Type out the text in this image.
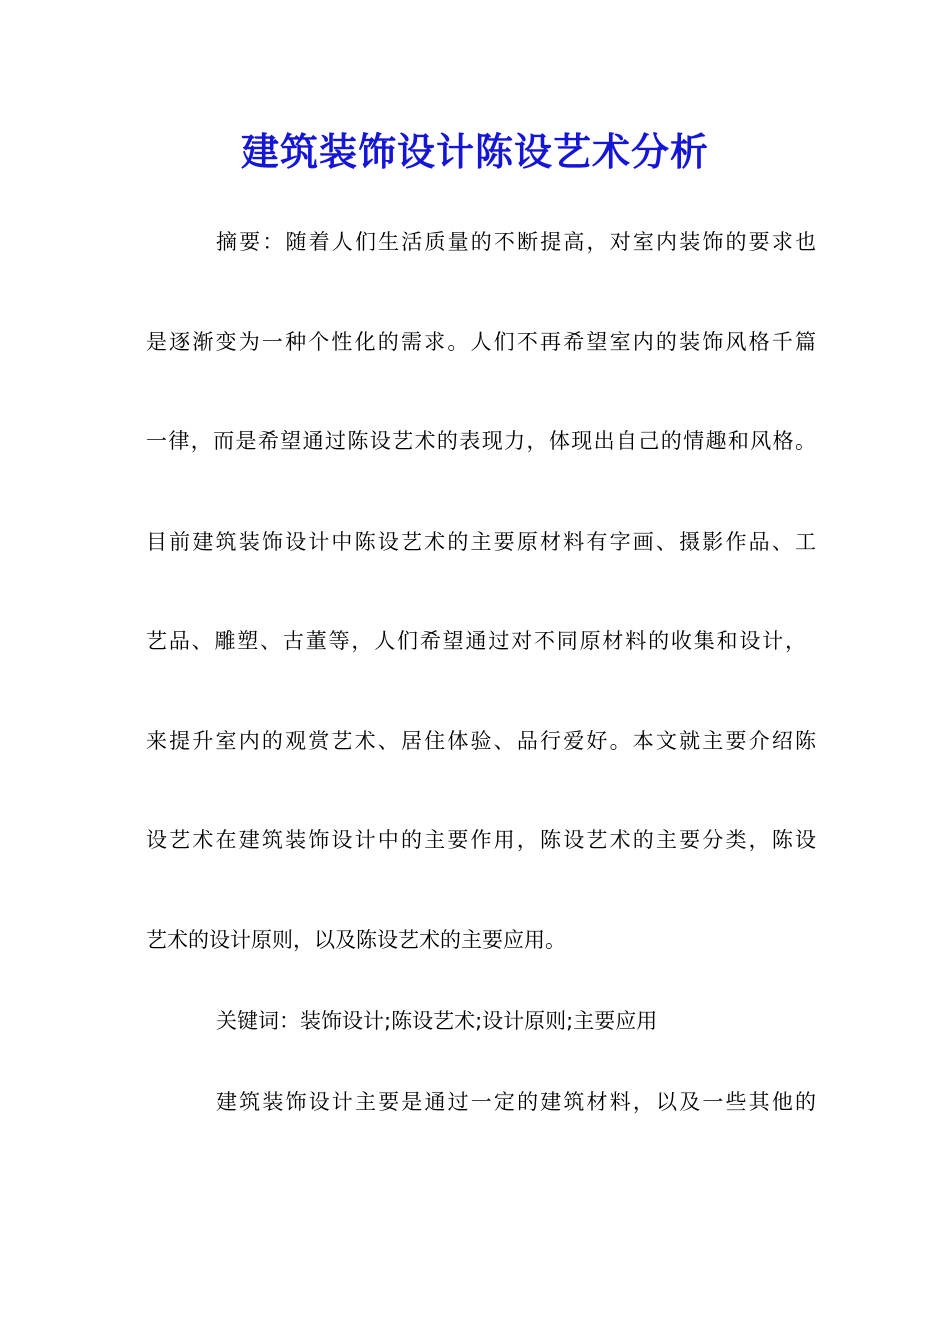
建筑装饰设计陈设艺术分析
摘要：随着人们生活质量的不断提高，对室内装饰的要求也
是逐渐变为一种个性化的需求。人们不再希望室内的装饰风格千篇
一律，而是希望通过陈设艺术的表现力，体现出自己的情趣和风格。
目前建筑装饰设计中陈设艺术的主要原材料有字画、摄影作品、工
艺品、雕塑、古董等，人们希望通过对不同原材料的收集和设计，
来提升室内的观赏艺术、居住体验、品行爱好。本文就主要介绍陈
设艺术在建筑装饰设计中的主要作用，陈设艺术的主要分类，陈设
艺术的设计原则，以及陈设艺术的主要应用。
关键词：装饰设计;陈设艺术;设计原则;主要应用
建筑装饰设计主要是通过一定的建筑材料，以及一些其他的
